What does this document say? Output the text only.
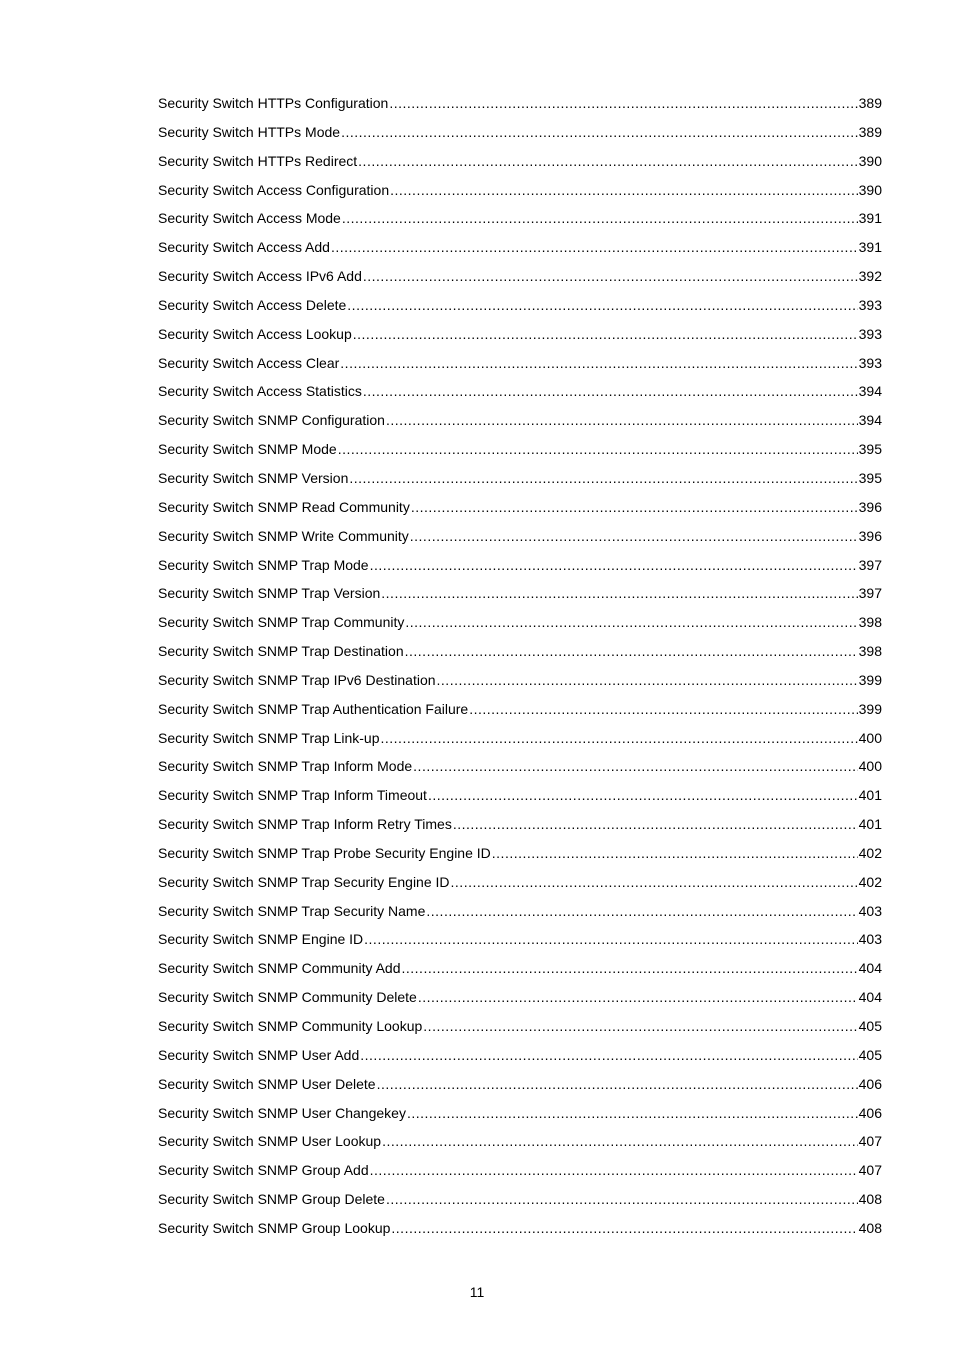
Security Switch HTTPs Configuration .....	389
Security Switch HTTPs Mode .....	389
Security Switch HTTPs Redirect .....	390
Security Switch Access Configuration .....	390
Security Switch Access Mode .....	391
Security Switch Access Add .....	391
Security Switch Access IPv6 Add .....	392
Security Switch Access Delete .....	393
Security Switch Access Lookup .....	393
Security Switch Access Clear .....	393
Security Switch Access Statistics .....	394
Security Switch SNMP Configuration .....	394
Security Switch SNMP Mode .....	395
Security Switch SNMP Version .....	395
Security Switch SNMP Read Community .....	396
Security Switch SNMP Write Community .....	396
Security Switch SNMP Trap Mode .....	397
Security Switch SNMP Trap Version .....	397
Security Switch SNMP Trap Community .....	398
Security Switch SNMP Trap Destination .....	398
Security Switch SNMP Trap IPv6 Destination .....	399
Security Switch SNMP Trap Authentication Failure .....	399
Security Switch SNMP Trap Link-up .....	400
Security Switch SNMP Trap Inform Mode .....	400
Security Switch SNMP Trap Inform Timeout .....	401
Security Switch SNMP Trap Inform Retry Times .....	401
Security Switch SNMP Trap Probe Security Engine ID .....	402
Security Switch SNMP Trap Security Engine ID .....	402
Security Switch SNMP Trap Security Name .....	403
Security Switch SNMP Engine ID .....	403
Security Switch SNMP Community Add .....	404
Security Switch SNMP Community Delete .....	404
Security Switch SNMP Community Lookup .....	405
Security Switch SNMP User Add .....	405
Security Switch SNMP User Delete .....	406
Security Switch SNMP User Changekey .....	406
Security Switch SNMP User Lookup .....	407
Security Switch SNMP Group Add .....	407
Security Switch SNMP Group Delete .....	408
Security Switch SNMP Group Lookup .....	408
11
